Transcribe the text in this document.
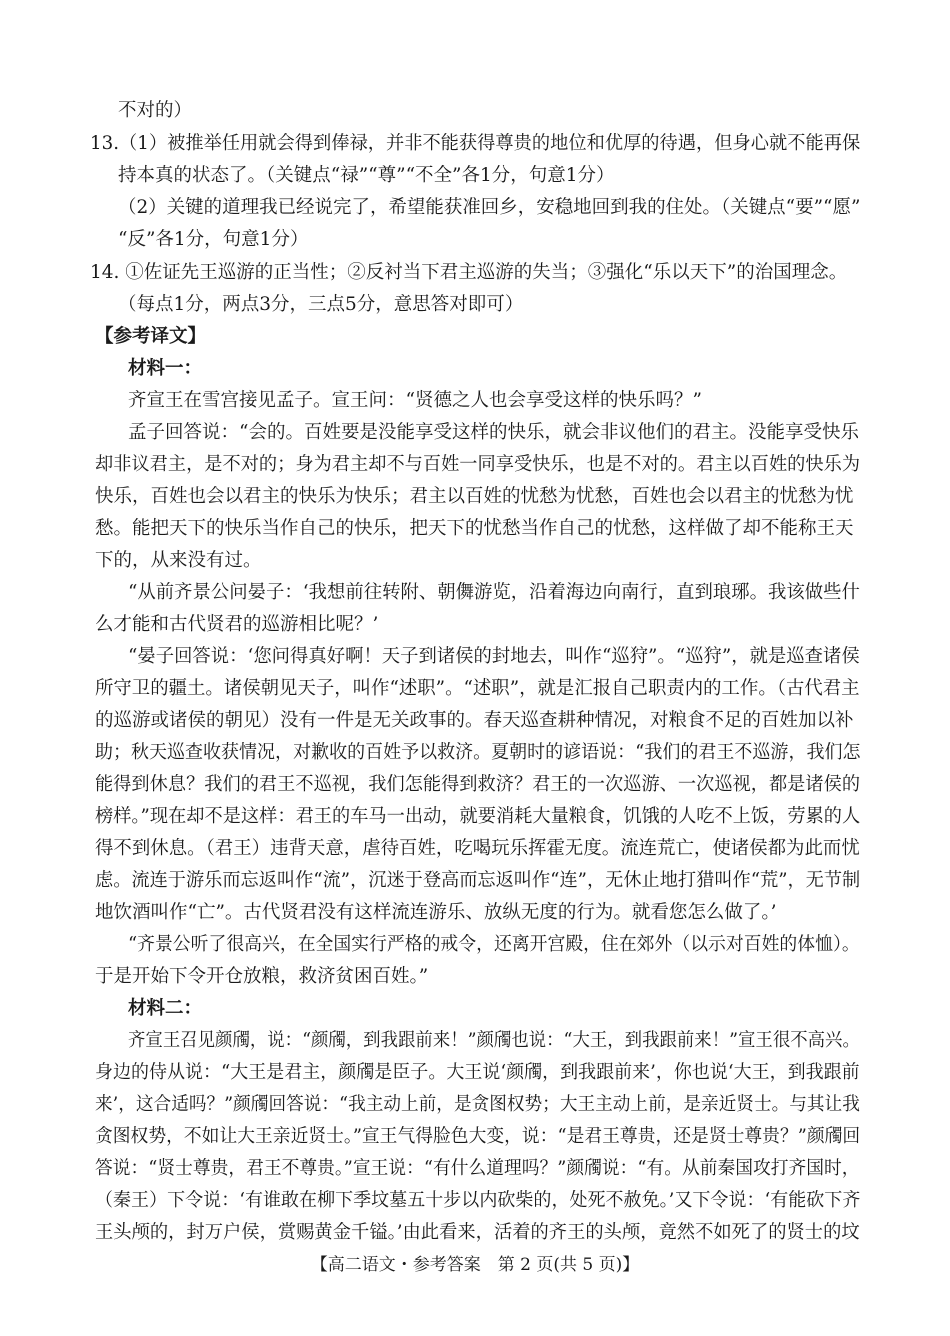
不对的）
13.（1）被推举任用就会得到俸禄，并非不能获得尊贵的地位和优厚的待遇，但身心就不能再保
持本真的状态了。（关键点“禄”“尊”“不全”各1分，句意1分）
（2）关键的道理我已经说完了，希望能获准回乡，安稳地回到我的住处。（关键点“要”“愿”
“反”各1分，句意1分）
14. ①佐证先王巡游的正当性；②反衬当下君主巡游的失当；③强化“乐以天下”的治国理念。
（每点1分，两点3分，三点5分，意思答对即可）
【参考译文】
材料一：
齐宣王在雪宫接见孟子。宣王问：“贤德之人也会享受这样的快乐吗？”
孟子回答说：“会的。百姓要是没能享受这样的快乐，就会非议他们的君主。没能享受快乐
却非议君主，是不对的；身为君主却不与百姓一同享受快乐，也是不对的。君主以百姓的快乐为
快乐，百姓也会以君主的快乐为快乐；君主以百姓的忧愁为忧愁，百姓也会以君主的忧愁为忧
愁。能把天下的快乐当作自己的快乐，把天下的忧愁当作自己的忧愁，这样做了却不能称王天
下的，从来没有过。
“从前齐景公问晏子：‘我想前往转附、朝儛游览，沿着海边向南行，直到琅琊。我该做些什
么才能和古代贤君的巡游相比呢？’
“晏子回答说：‘您问得真好啊！天子到诸侯的封地去，叫作“巡狩”。“巡狩”，就是巡查诸侯
所守卫的疆土。诸侯朝见天子，叫作“述职”。“述职”，就是汇报自己职责内的工作。（古代君主
的巡游或诸侯的朝见）没有一件是无关政事的。春天巡查耕种情况，对粮食不足的百姓加以补
助；秋天巡查收获情况，对歉收的百姓予以救济。夏朝时的谚语说：“我们的君王不巡游，我们怎
能得到休息？我们的君王不巡视，我们怎能得到救济？君王的一次巡游、一次巡视，都是诸侯的
榜样。”现在却不是这样：君王的车马一出动，就要消耗大量粮食，饥饿的人吃不上饭，劳累的人
得不到休息。（君王）违背天意，虐待百姓，吃喝玩乐挥霍无度。流连荒亡，使诸侯都为此而忧
虑。流连于游乐而忘返叫作“流”，沉迷于登高而忘返叫作“连”，无休止地打猎叫作“荒”，无节制
地饮酒叫作“亡”。古代贤君没有这样流连游乐、放纵无度的行为。就看您怎么做了。’
“齐景公听了很高兴，在全国实行严格的戒令，还离开宫殿，住在郊外（以示对百姓的体恤）。
于是开始下令开仓放粮，救济贫困百姓。”
材料二：
齐宣王召见颜斶，说：“颜斶，到我跟前来！”颜斶也说：“大王，到我跟前来！”宣王很不高兴。
身边的侍从说：“大王是君主，颜斶是臣子。大王说‘颜斶，到我跟前来’，你也说‘大王，到我跟前
来’，这合适吗？”颜斶回答说：“我主动上前，是贪图权势；大王主动上前，是亲近贤士。与其让我
贪图权势，不如让大王亲近贤士。”宣王气得脸色大变，说：“是君王尊贵，还是贤士尊贵？”颜斶回
答说：“贤士尊贵，君王不尊贵。”宣王说：“有什么道理吗？”颜斶说：“有。从前秦国攻打齐国时，
（秦王）下令说：‘有谁敢在柳下季坟墓五十步以内砍柴的，处死不赦免。’又下令说：‘有能砍下齐
王头颅的，封万户侯，赏赐黄金千镒。’由此看来，活着的齐王的头颅，竟然不如死了的贤士的坟
【高二语文・参考答案　第 2 页(共 5 页)】
